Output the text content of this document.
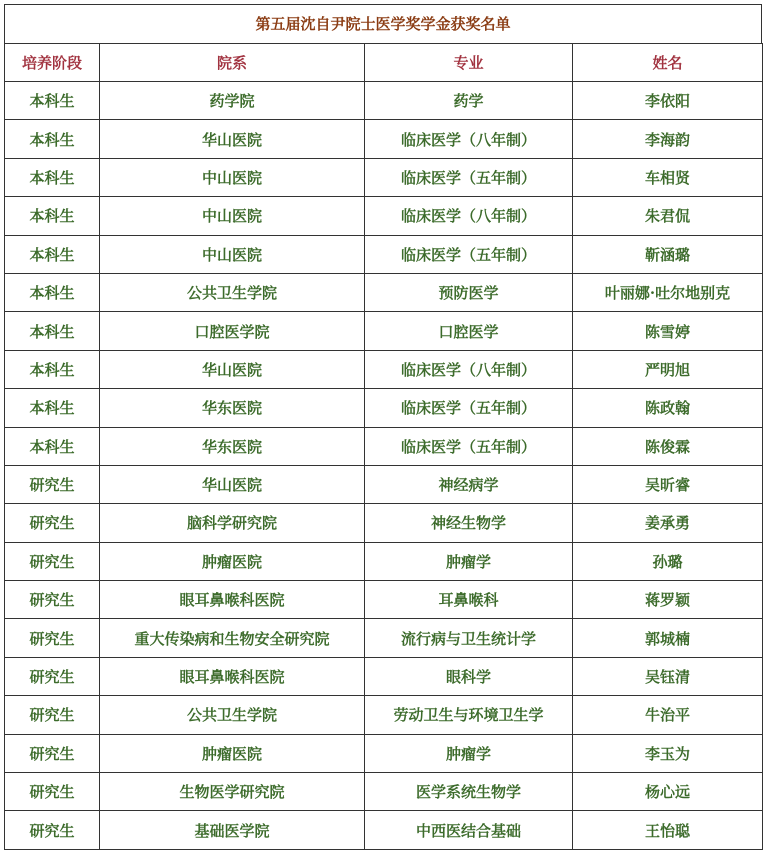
第五届沈自尹院士医学奖学金获奖名单
培养阶段	院系	专业	姓名
本科生	药学院	药学	李依阳
本科生	华山医院	临床医学（八年制）	李海韵
本科生	中山医院	临床医学（五年制）	车相贤
本科生	中山医院	临床医学（八年制）	朱君侃
本科生	中山医院	临床医学（五年制）	靳涵璐
本科生	公共卫生学院	预防医学	叶丽娜·吐尔地别克
本科生	口腔医学院	口腔医学	陈雪婷
本科生	华山医院	临床医学（八年制）	严明旭
本科生	华东医院	临床医学（五年制）	陈政翰
本科生	华东医院	临床医学（五年制）	陈俊霖
研究生	华山医院	神经病学	吴昕睿
研究生	脑科学研究院	神经生物学	姜承勇
研究生	肿瘤医院	肿瘤学	孙璐
研究生	眼耳鼻喉科医院	耳鼻喉科	蒋罗颖
研究生	重大传染病和生物安全研究院	流行病与卫生统计学	郭城楠
研究生	眼耳鼻喉科医院	眼科学	吴钰清
研究生	公共卫生学院	劳动卫生与环境卫生学	牛治平
研究生	肿瘤医院	肿瘤学	李玉为
研究生	生物医学研究院	医学系统生物学	杨心远
研究生	基础医学院	中西医结合基础	王怡聪
